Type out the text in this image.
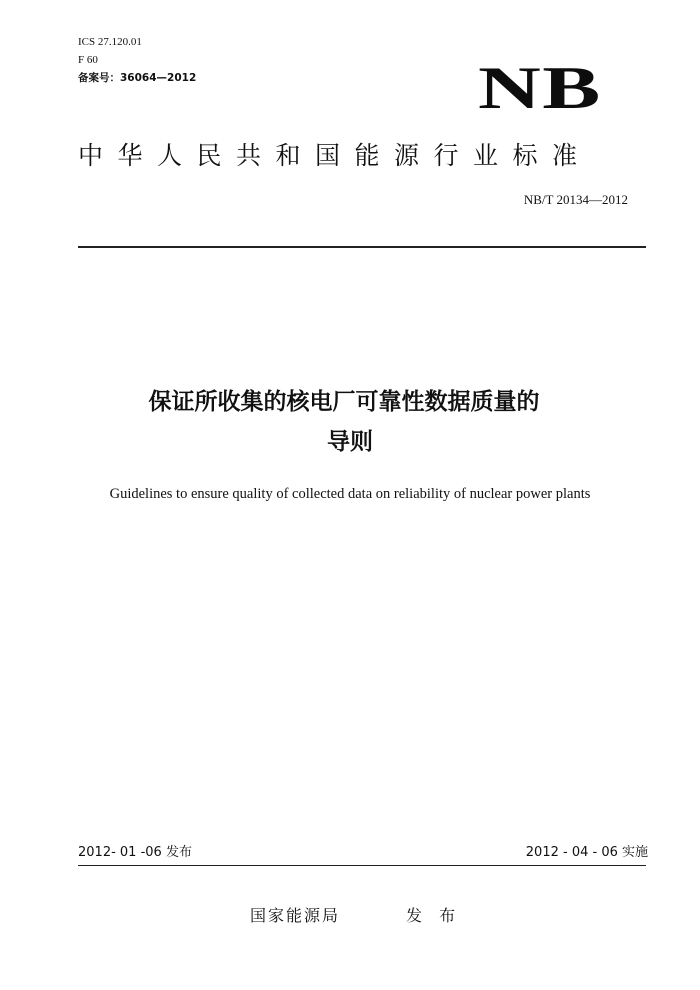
ICS 27.120.01
F 60
备案号：36064—2012	NB
中华人民共和国能源行业标准
NB/T 20134—2012
保证所收集的核电厂可靠性数据质量的
导则
Guidelines to ensure quality of collected data on reliability of nuclear power plants
2012- 01 -06 发布	2012 - 04 - 06 实施
国家能源局	发 布
